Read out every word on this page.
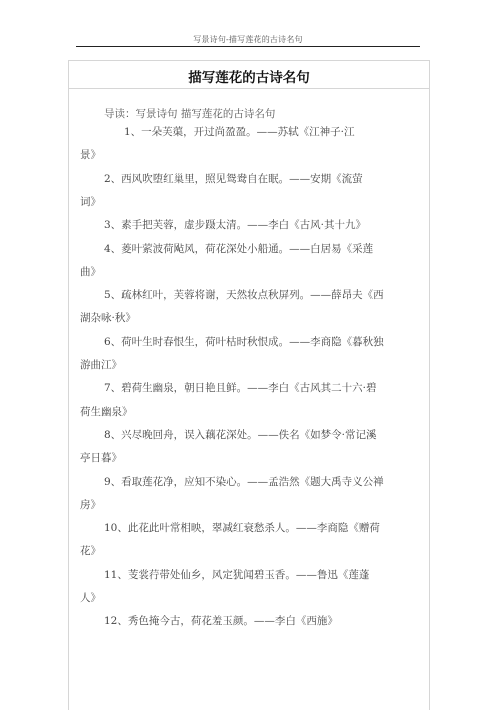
写景诗句-描写莲花的古诗名句
描写莲花的古诗名句
导读：写景诗句 描写莲花的古诗名句
1、一朵芙蕖，开过尚盈盈。——苏轼《江神子·江
景》
2、西风吹堕红巢里，照见鸳鸯自在眠。——安期《流萤
词》
3、素手把芙蓉，虚步蹑太清。——李白《古风·其十九》
4、菱叶萦波荷飐风，荷花深处小船通。——白居易《采莲
曲》
5、疏林红叶，芙蓉将谢，天然妆点秋屏列。——薛昂夫《西
湖杂咏·秋》
6、荷叶生时春恨生，荷叶枯时秋恨成。——李商隐《暮秋独
游曲江》
7、碧荷生幽泉，朝日艳且鲜。——李白《古风其二十六·碧
荷生幽泉》
8、兴尽晚回舟，误入藕花深处。——佚名《如梦令·常记溪
亭日暮》
9、看取莲花净，应知不染心。——孟浩然《题大禹寺义公禅
房》
10、此花此叶常相映，翠减红衰愁杀人。——李商隐《赠荷
花》
11、芰裳荇带处仙乡，风定犹闻碧玉香。——鲁迅《莲蓬
人》
12、秀色掩今古，荷花羞玉颜。——李白《西施》
